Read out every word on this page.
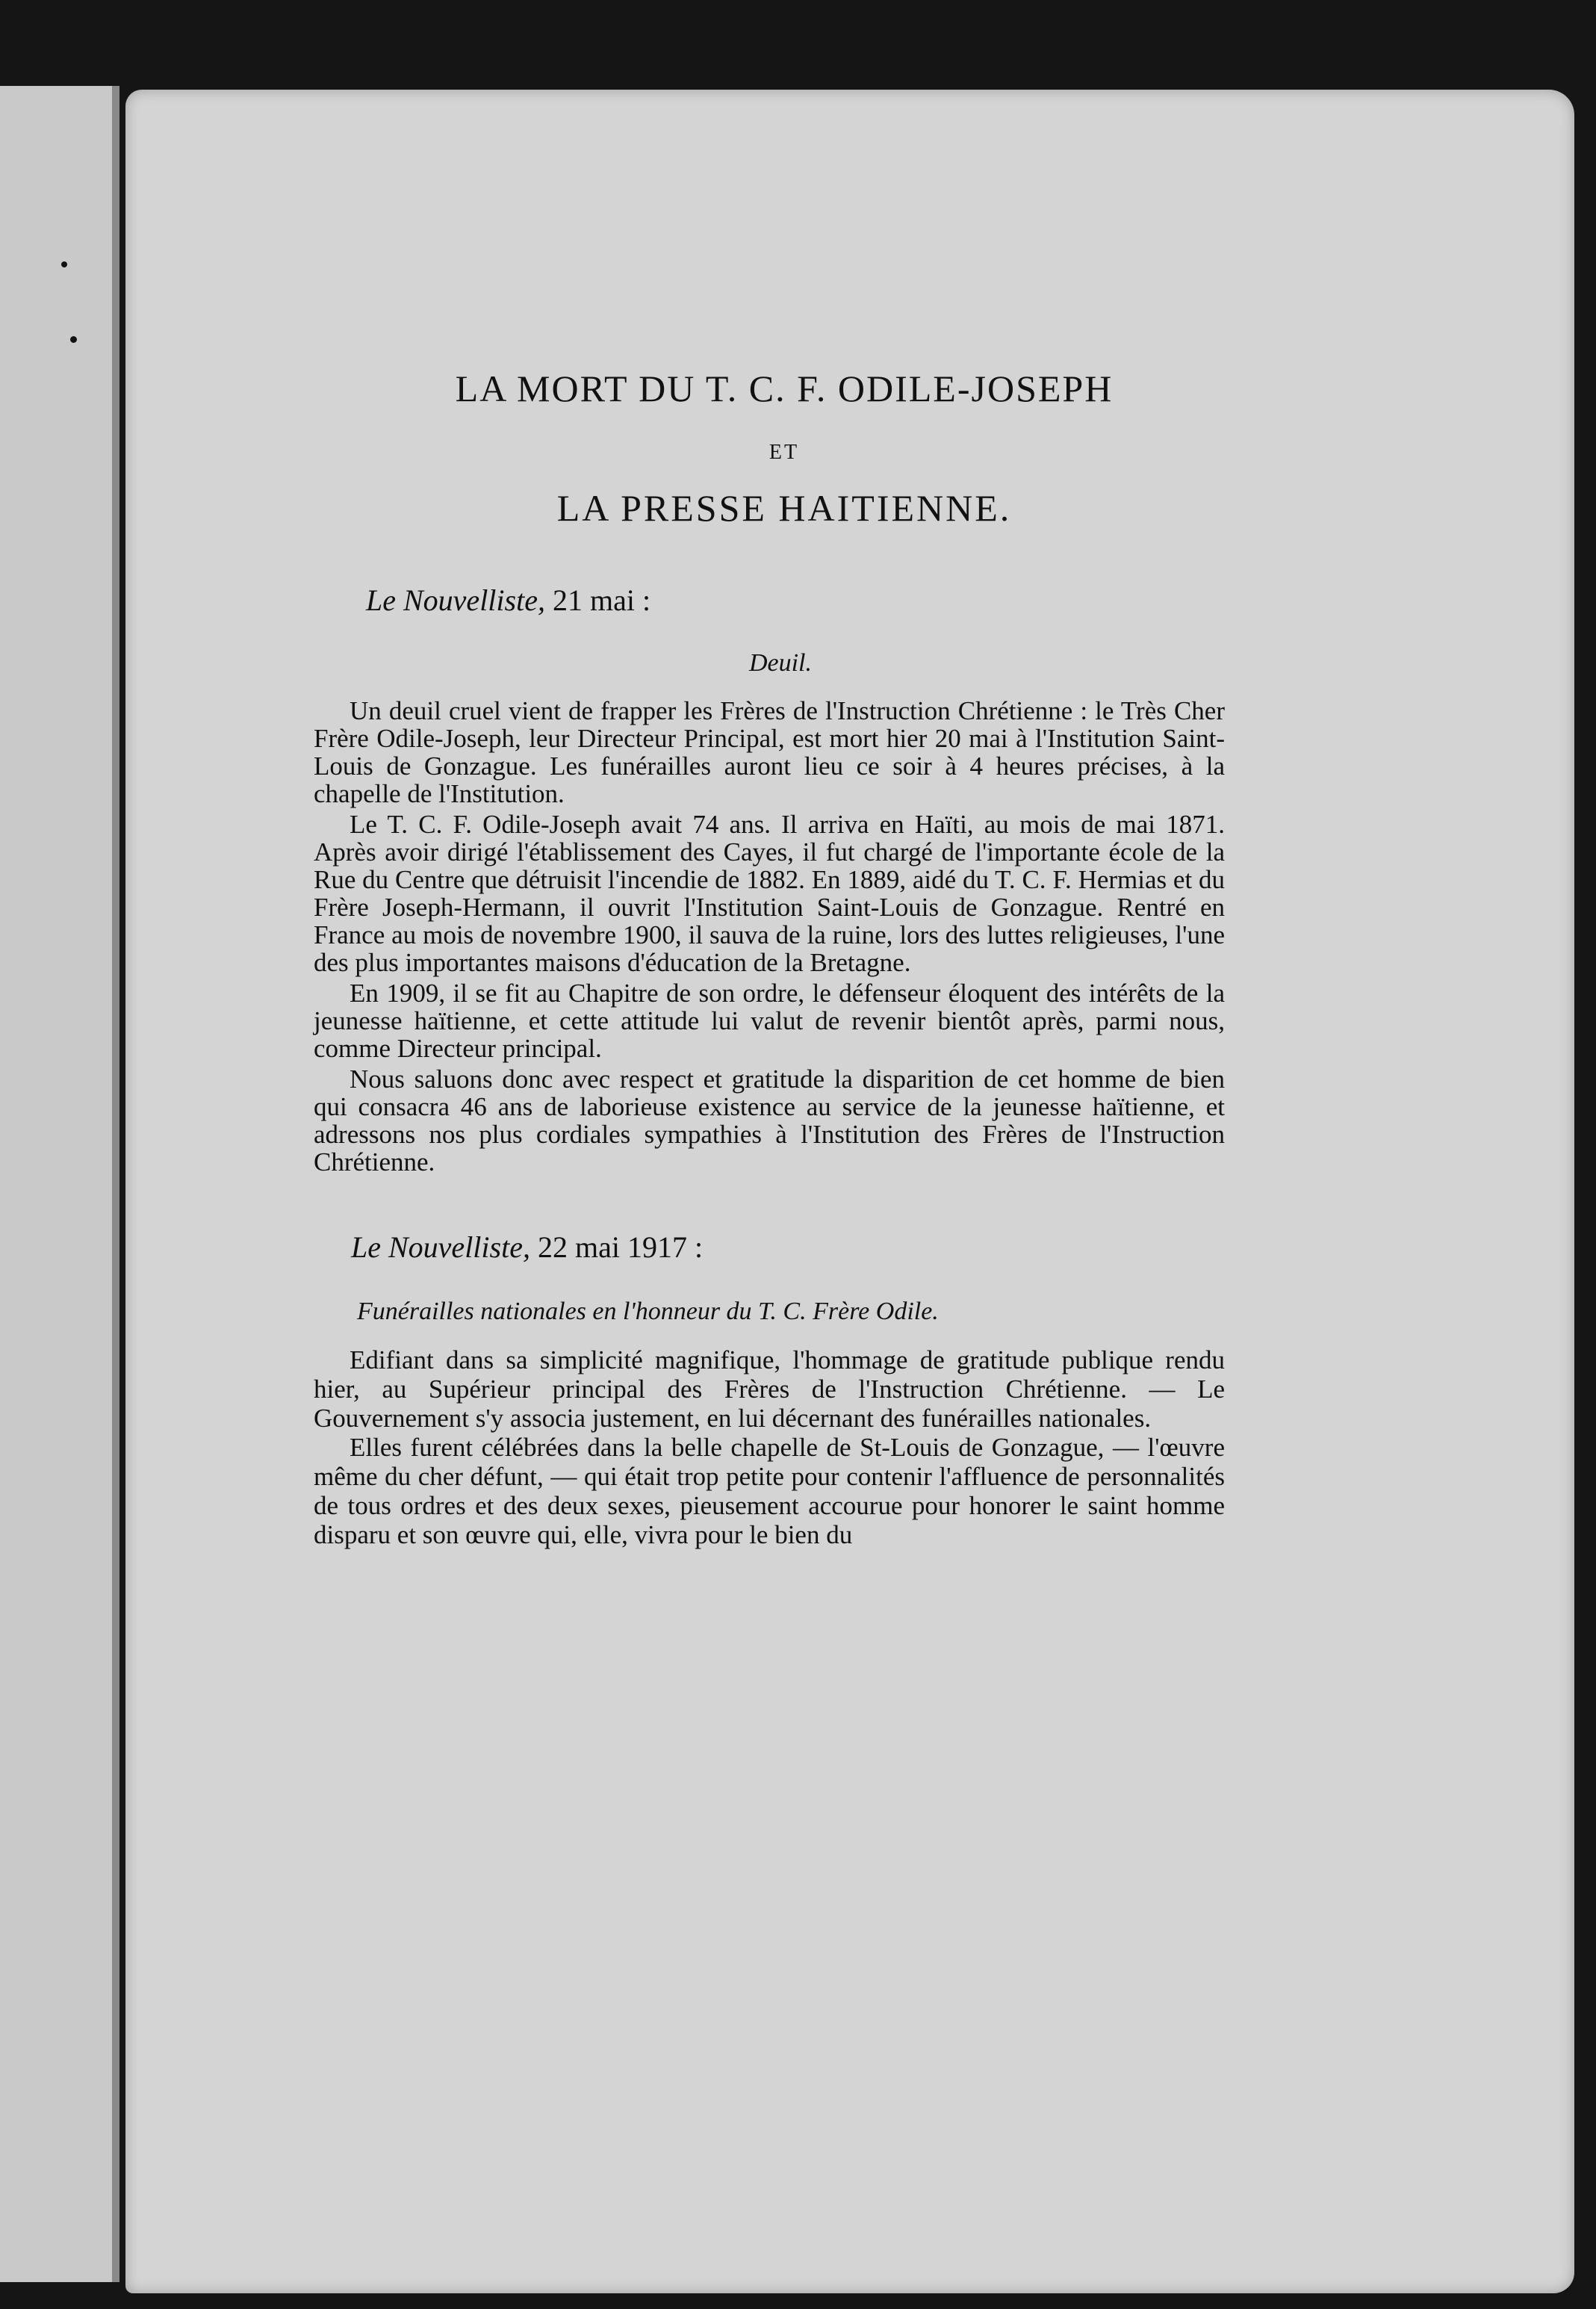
LA MORT DU T. C. F. ODILE-JOSEPH
ET
LA PRESSE HAITIENNE.
Le Nouvelliste, 21 mai :
Deuil.

Un deuil cruel vient de frapper les Frères de l'Instruction Chrétienne : le Très Cher Frère Odile-Joseph, leur Directeur Principal, est mort hier 20 mai à l'Institution Saint-Louis de Gonzague. Les funérailles auront lieu ce soir à 4 heures précises, à la chapelle de l'Institution.

Le T. C. F. Odile-Joseph avait 74 ans. Il arriva en Haïti, au mois de mai 1871. Après avoir dirigé l'établissement des Cayes, il fut chargé de l'importante école de la Rue du Centre que détruisit l'incendie de 1882. En 1889, aidé du T. C. F. Hermias et du Frère Joseph-Hermann, il ouvrit l'Institution Saint-Louis de Gonzague. Rentré en France au mois de novembre 1900, il sauva de la ruine, lors des luttes religieuses, l'une des plus importantes maisons d'éducation de la Bretagne.

En 1909, il se fit au Chapitre de son ordre, le défenseur éloquent des intérêts de la jeunesse haïtienne, et cette attitude lui valut de revenir bientôt après, parmi nous, comme Directeur principal.

Nous saluons donc avec respect et gratitude la disparition de cet homme de bien qui consacra 46 ans de laborieuse existence au service de la jeunesse haïtienne, et adressons nos plus cordiales sympathies à l'Institution des Frères de l'Instruction Chrétienne.

Le Nouvelliste, 22 mai 1917 :
Funérailles nationales en l'honneur du T. C. Frère Odile.

Edifiant dans sa simplicité magnifique, l'hommage de gratitude publique rendu hier, au Supérieur principal des Frères de l'Instruction Chrétienne. — Le Gouvernement s'y associa justement, en lui décernant des funérailles nationales.

Elles furent célébrées dans la belle chapelle de St-Louis de Gonzague, — l'œuvre même du cher défunt, — qui était trop petite pour contenir l'affluence de personnalités de tous ordres et des deux sexes, pieusement accourue pour honorer le saint homme disparu et son œuvre qui, elle, vivra pour le bien du
